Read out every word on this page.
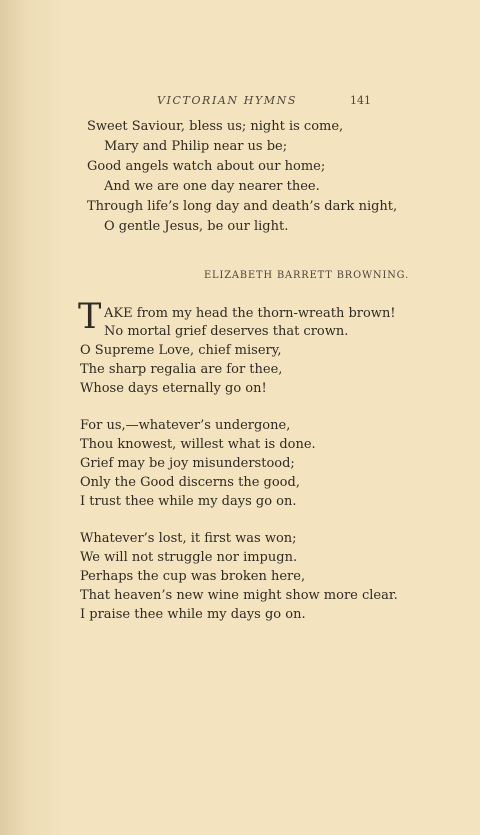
VICTORIAN HYMNS	141
Sweet Saviour, bless us; night is come,
Mary and Philip near us be;
Good angels watch about our home;
And we are one day nearer thee.
Through life’s long day and death’s dark night,
O gentle Jesus, be our light.
ELIZABETH BARRETT BROWNING.
T AKE from my head the thorn-wreath brown!
No mortal grief deserves that crown.
O Supreme Love, chief misery,
The sharp regalia are for thee,
Whose days eternally go on!
For us,—whatever’s undergone,
Thou knowest, willest what is done.
Grief may be joy misunderstood;
Only the Good discerns the good,
I trust thee while my days go on.
Whatever’s lost, it first was won;
We will not struggle nor impugn.
Perhaps the cup was broken here,
That heaven’s new wine might show more clear.
I praise thee while my days go on.
